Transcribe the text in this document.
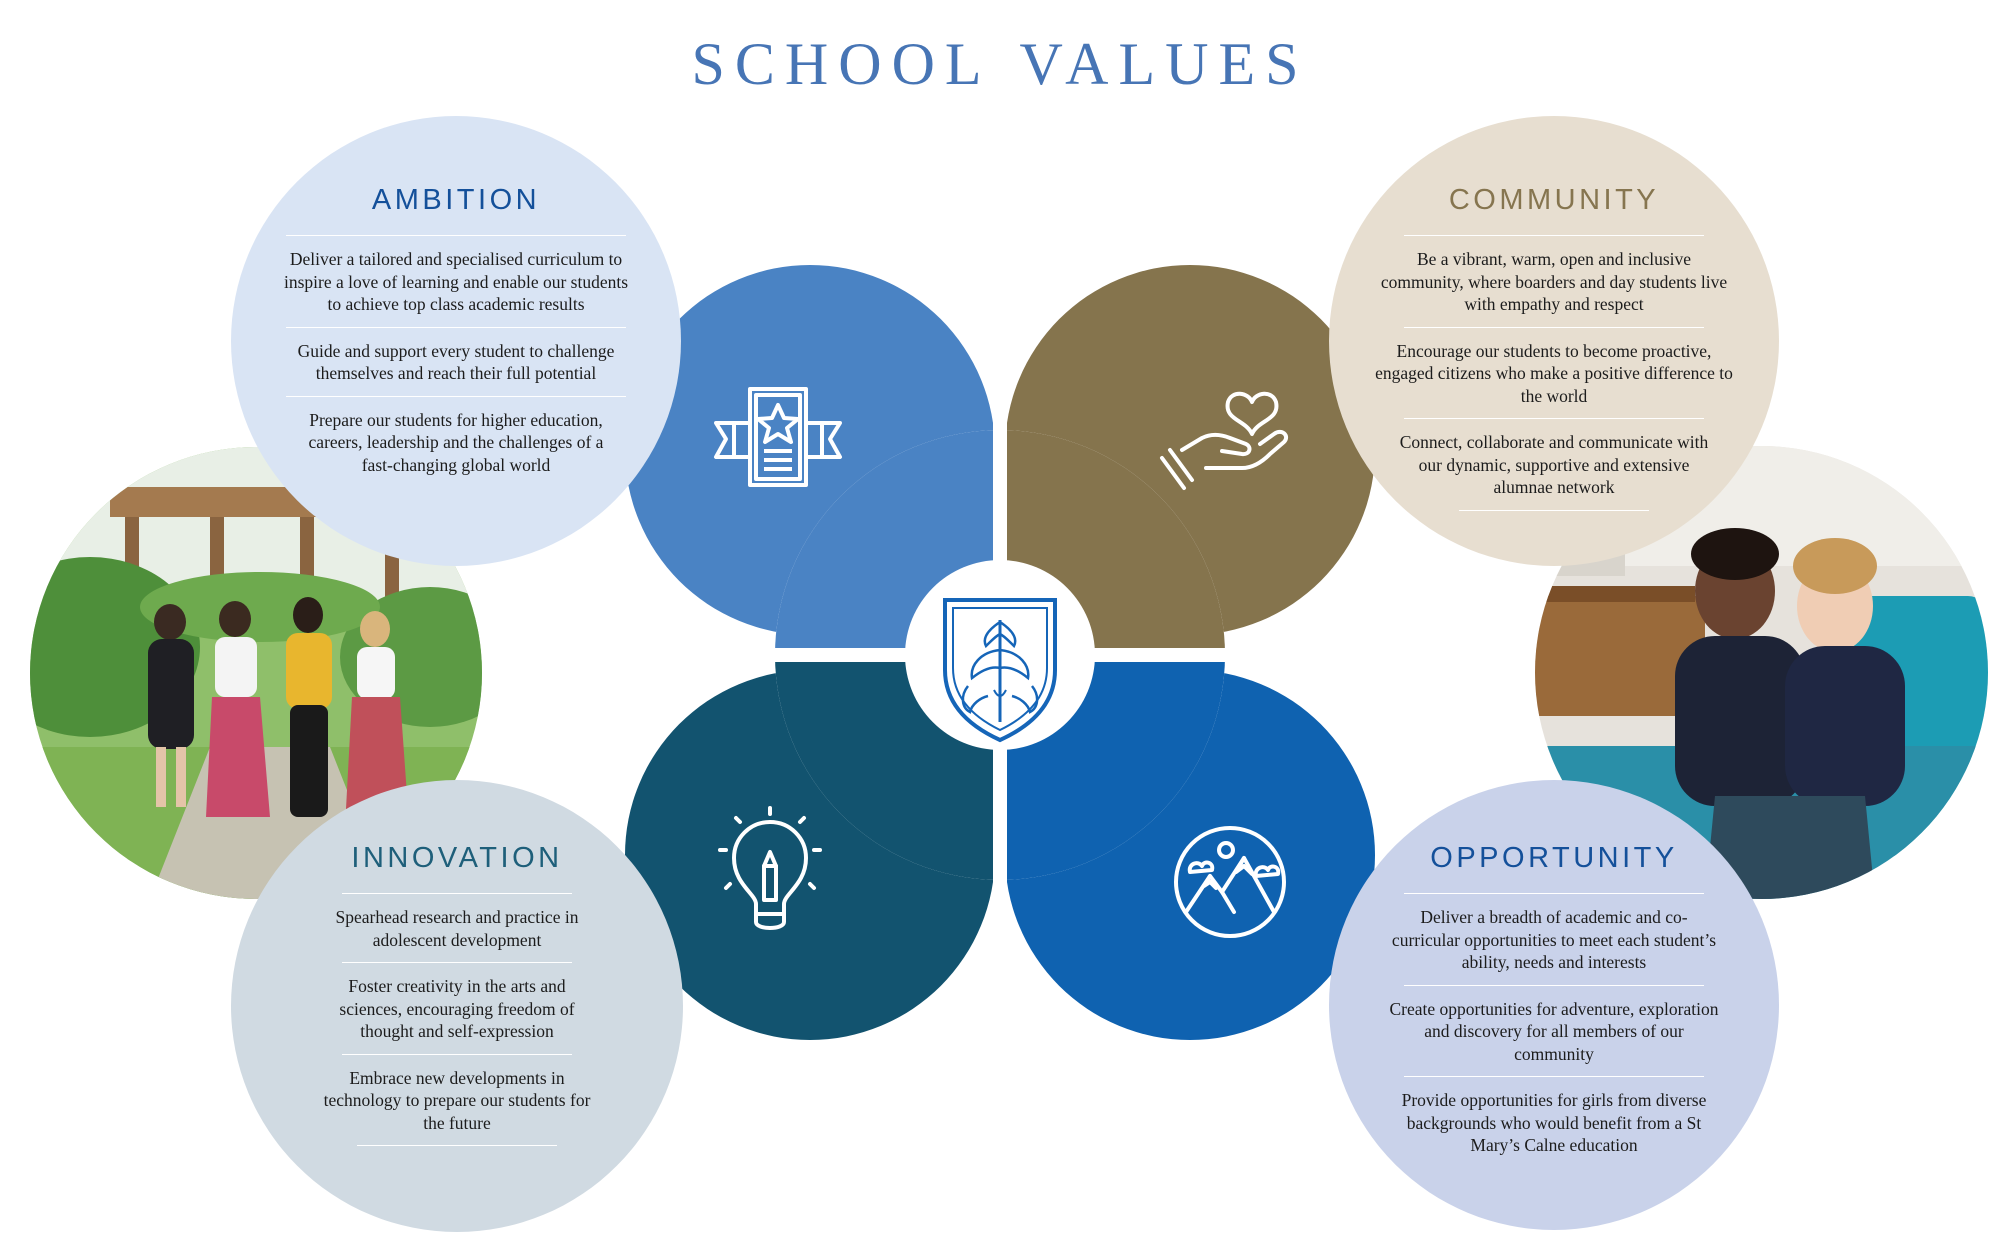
SCHOOL VALUES
AMBITION

Deliver a tailored and specialised curriculum to inspire a love of learning and enable our students to achieve top class academic results

Guide and support every student to challenge themselves and reach their full potential

Prepare our students for higher education, careers, leadership and the challenges of a fast-changing global world

COMMUNITY

Be a vibrant, warm, open and inclusive community, where boarders and day students live with empathy and respect

Encourage our students to become proactive, engaged citizens who make a positive difference to the world

Connect, collaborate and communicate with our dynamic, supportive and extensive alumnae network

INNOVATION

Spearhead research and practice in adolescent development

Foster creativity in the arts and sciences, encouraging freedom of thought and self-expression

Embrace new developments in technology to prepare our students for the future

OPPORTUNITY

Deliver a breadth of academic and co-curricular opportunities to meet each student’s ability, needs and interests

Create opportunities for adventure, exploration and discovery for all members of our community

Provide opportunities for girls from diverse backgrounds who would benefit from a St Mary’s Calne education
